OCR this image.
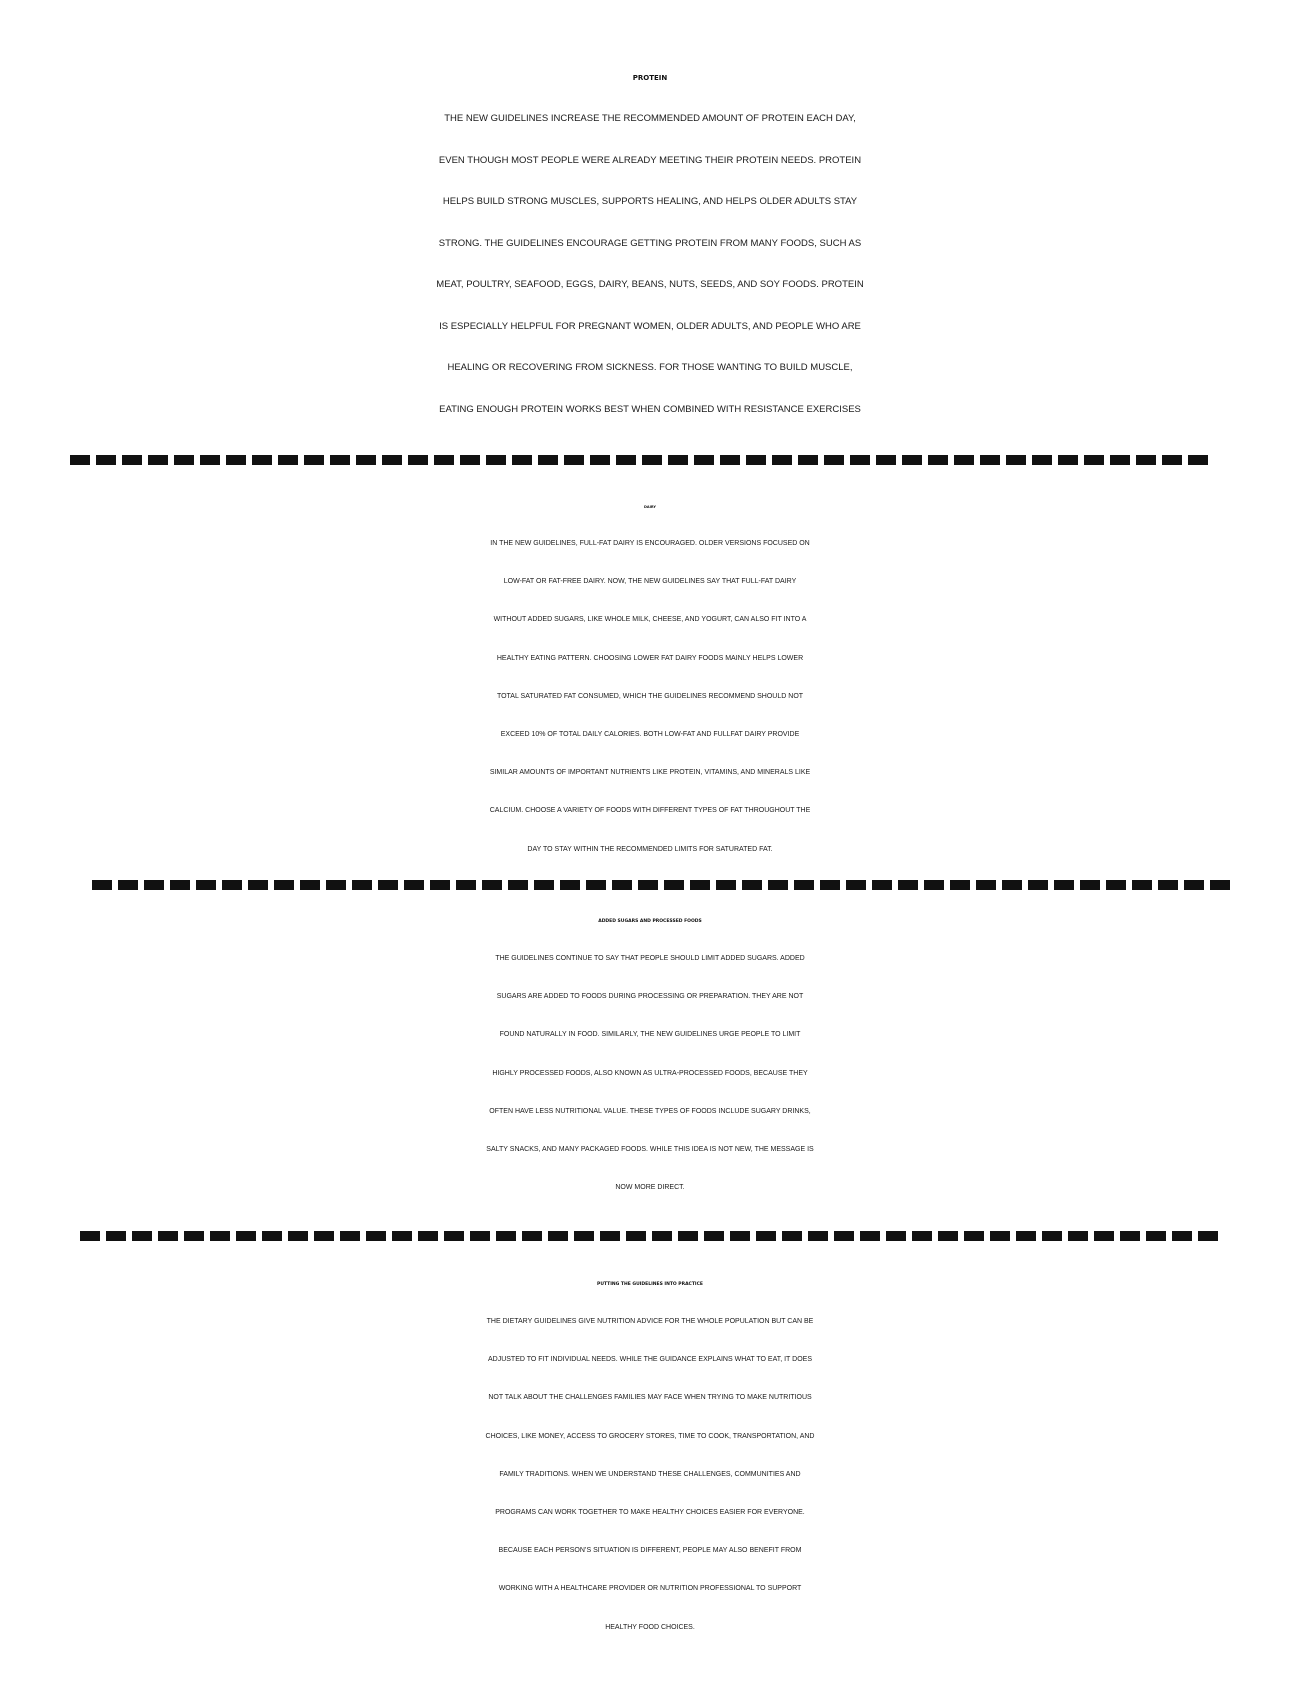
PROTEIN

THE NEW GUIDELINES INCREASE THE RECOMMENDED AMOUNT OF PROTEIN EACH DAY,
EVEN THOUGH MOST PEOPLE WERE ALREADY MEETING THEIR PROTEIN NEEDS. PROTEIN
HELPS BUILD STRONG MUSCLES, SUPPORTS HEALING, AND HELPS OLDER ADULTS STAY
STRONG. THE GUIDELINES ENCOURAGE GETTING PROTEIN FROM MANY FOODS, SUCH AS
MEAT, POULTRY, SEAFOOD, EGGS, DAIRY, BEANS, NUTS, SEEDS, AND SOY FOODS. PROTEIN
IS ESPECIALLY HELPFUL FOR PREGNANT WOMEN, OLDER ADULTS, AND PEOPLE WHO ARE
HEALING OR RECOVERING FROM SICKNESS. FOR THOSE WANTING TO BUILD MUSCLE,
EATING ENOUGH PROTEIN WORKS BEST WHEN COMBINED WITH RESISTANCE EXERCISES

DAIRY

IN THE NEW GUIDELINES, FULL-FAT DAIRY IS ENCOURAGED. OLDER VERSIONS FOCUSED ON
LOW-FAT OR FAT-FREE DAIRY. NOW, THE NEW GUIDELINES SAY THAT FULL-FAT DAIRY
WITHOUT ADDED SUGARS, LIKE WHOLE MILK, CHEESE, AND YOGURT, CAN ALSO FIT INTO A
HEALTHY EATING PATTERN. CHOOSING LOWER FAT DAIRY FOODS MAINLY HELPS LOWER
TOTAL SATURATED FAT CONSUMED, WHICH THE GUIDELINES RECOMMEND SHOULD NOT
EXCEED 10% OF TOTAL DAILY CALORIES. BOTH LOW-FAT AND FULLFAT DAIRY PROVIDE
SIMILAR AMOUNTS OF IMPORTANT NUTRIENTS LIKE PROTEIN, VITAMINS, AND MINERALS LIKE
CALCIUM. CHOOSE A VARIETY OF FOODS WITH DIFFERENT TYPES OF FAT THROUGHOUT THE
DAY TO STAY WITHIN THE RECOMMENDED LIMITS FOR SATURATED FAT.

ADDED SUGARS AND PROCESSED FOODS

THE GUIDELINES CONTINUE TO SAY THAT PEOPLE SHOULD LIMIT ADDED SUGARS. ADDED
SUGARS ARE ADDED TO FOODS DURING PROCESSING OR PREPARATION. THEY ARE NOT
FOUND NATURALLY IN FOOD. SIMILARLY, THE NEW GUIDELINES URGE PEOPLE TO LIMIT
HIGHLY PROCESSED FOODS, ALSO KNOWN AS ULTRA-PROCESSED FOODS, BECAUSE THEY
OFTEN HAVE LESS NUTRITIONAL VALUE. THESE TYPES OF FOODS INCLUDE SUGARY DRINKS,
SALTY SNACKS, AND MANY PACKAGED FOODS. WHILE THIS IDEA IS NOT NEW, THE MESSAGE IS
NOW MORE DIRECT.

PUTTING THE GUIDELINES INTO PRACTICE

THE DIETARY GUIDELINES GIVE NUTRITION ADVICE FOR THE WHOLE POPULATION BUT CAN BE
ADJUSTED TO FIT INDIVIDUAL NEEDS. WHILE THE GUIDANCE EXPLAINS WHAT TO EAT, IT DOES
NOT TALK ABOUT THE CHALLENGES FAMILIES MAY FACE WHEN TRYING TO MAKE NUTRITIOUS
CHOICES, LIKE MONEY, ACCESS TO GROCERY STORES, TIME TO COOK, TRANSPORTATION, AND
FAMILY TRADITIONS. WHEN WE UNDERSTAND THESE CHALLENGES, COMMUNITIES AND
PROGRAMS CAN WORK TOGETHER TO MAKE HEALTHY CHOICES EASIER FOR EVERYONE.
BECAUSE EACH PERSON’S SITUATION IS DIFFERENT, PEOPLE MAY ALSO BENEFIT FROM
WORKING WITH A HEALTHCARE PROVIDER OR NUTRITION PROFESSIONAL TO SUPPORT
HEALTHY FOOD CHOICES.
